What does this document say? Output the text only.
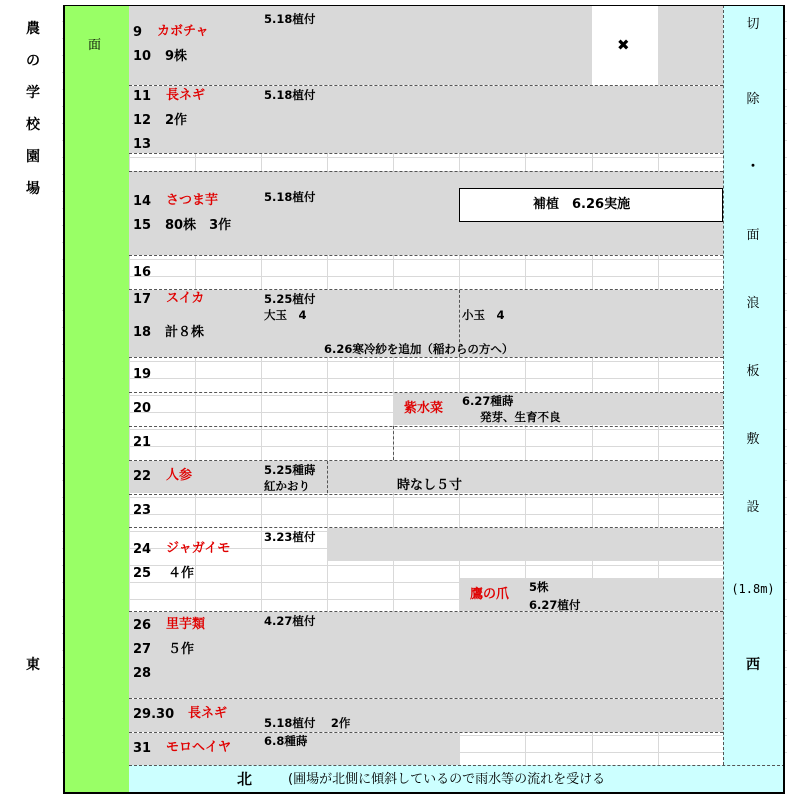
農
の
学
校
園
場
東
面
切
除
・
面
浪
板
敷
設
(1.8m)
西
北	(圃場が北側に傾斜しているので雨水等の流れを受ける
9 カボチャ
5.18植付
✖
10 9株
11 長ネギ	5.18植付
12 2作
13
14 さつま芋	5.18植付	補植　6.26実施
15 80株　3作
16
17 スイカ	5.25植付
大玉　4	小玉　4
18 計８株
6.26寒冷紗を追加（稲わらの方へ）
19
20	紫水菜 6.27種蒔
発芽、生育不良
21
22 人参	5.25種蒔
紅かおり	時なし５寸
23
24 ジャガイモ
3.23植付
25 ４作
鷹の爪 5株
6.27植付
26 里芋類	4.27植付
27 ５作
28
29.30 長ネギ
5.18植付　 2作
31 モロヘイヤ	6.8種蒔
